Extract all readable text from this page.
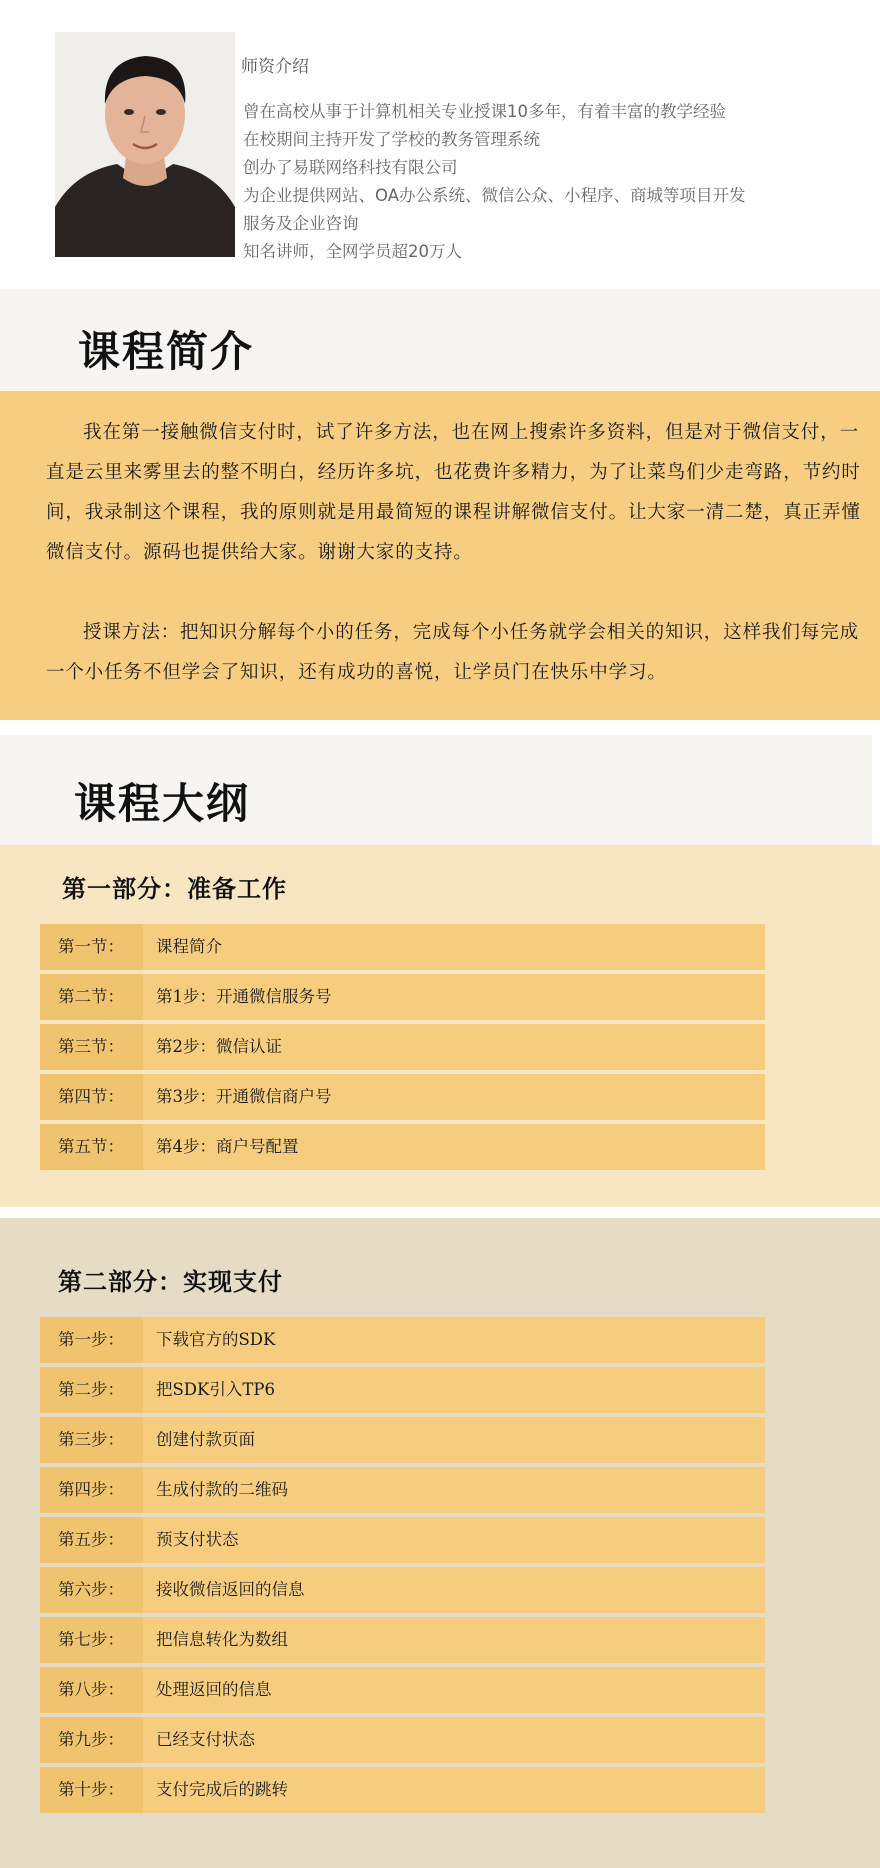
师资介绍
曾在高校从事于计算机相关专业授课10多年，有着丰富的教学经验
在校期间主持开发了学校的教务管理系统
创办了易联网络科技有限公司
为企业提供网站、OA办公系统、微信公众、小程序、商城等项目开发
服务及企业咨询
知名讲师，全网学员超20万人
课程简介

我在第一接触微信支付时，试了许多方法，也在网上搜索许多资料，但是对于微信支付，一直是云里来雾里去的整不明白，经历许多坑，也花费许多精力，为了让菜鸟们少走弯路，节约时间，我录制这个课程，我的原则就是用最简短的课程讲解微信支付。让大家一清二楚，真正弄懂微信支付。源码也提供给大家。谢谢大家的支持。

授课方法：把知识分解每个小的任务，完成每个小任务就学会相关的知识，这样我们每完成一个小任务不但学会了知识，还有成功的喜悦，让学员门在快乐中学习。

课程大纲
第一部分：准备工作
第一节：	课程简介
第二节：	第1步：开通微信服务号
第三节：	第2步：微信认证
第四节：	第3步：开通微信商户号
第五节：	第4步：商户号配置
第二部分：实现支付
第一步：	下载官方的SDK
第二步：	把SDK引入TP6
第三步：	创建付款页面
第四步：	生成付款的二维码
第五步：	预支付状态
第六步：	接收微信返回的信息
第七步：	把信息转化为数组
第八步：	处理返回的信息
第九步：	已经支付状态
第十步：	支付完成后的跳转
